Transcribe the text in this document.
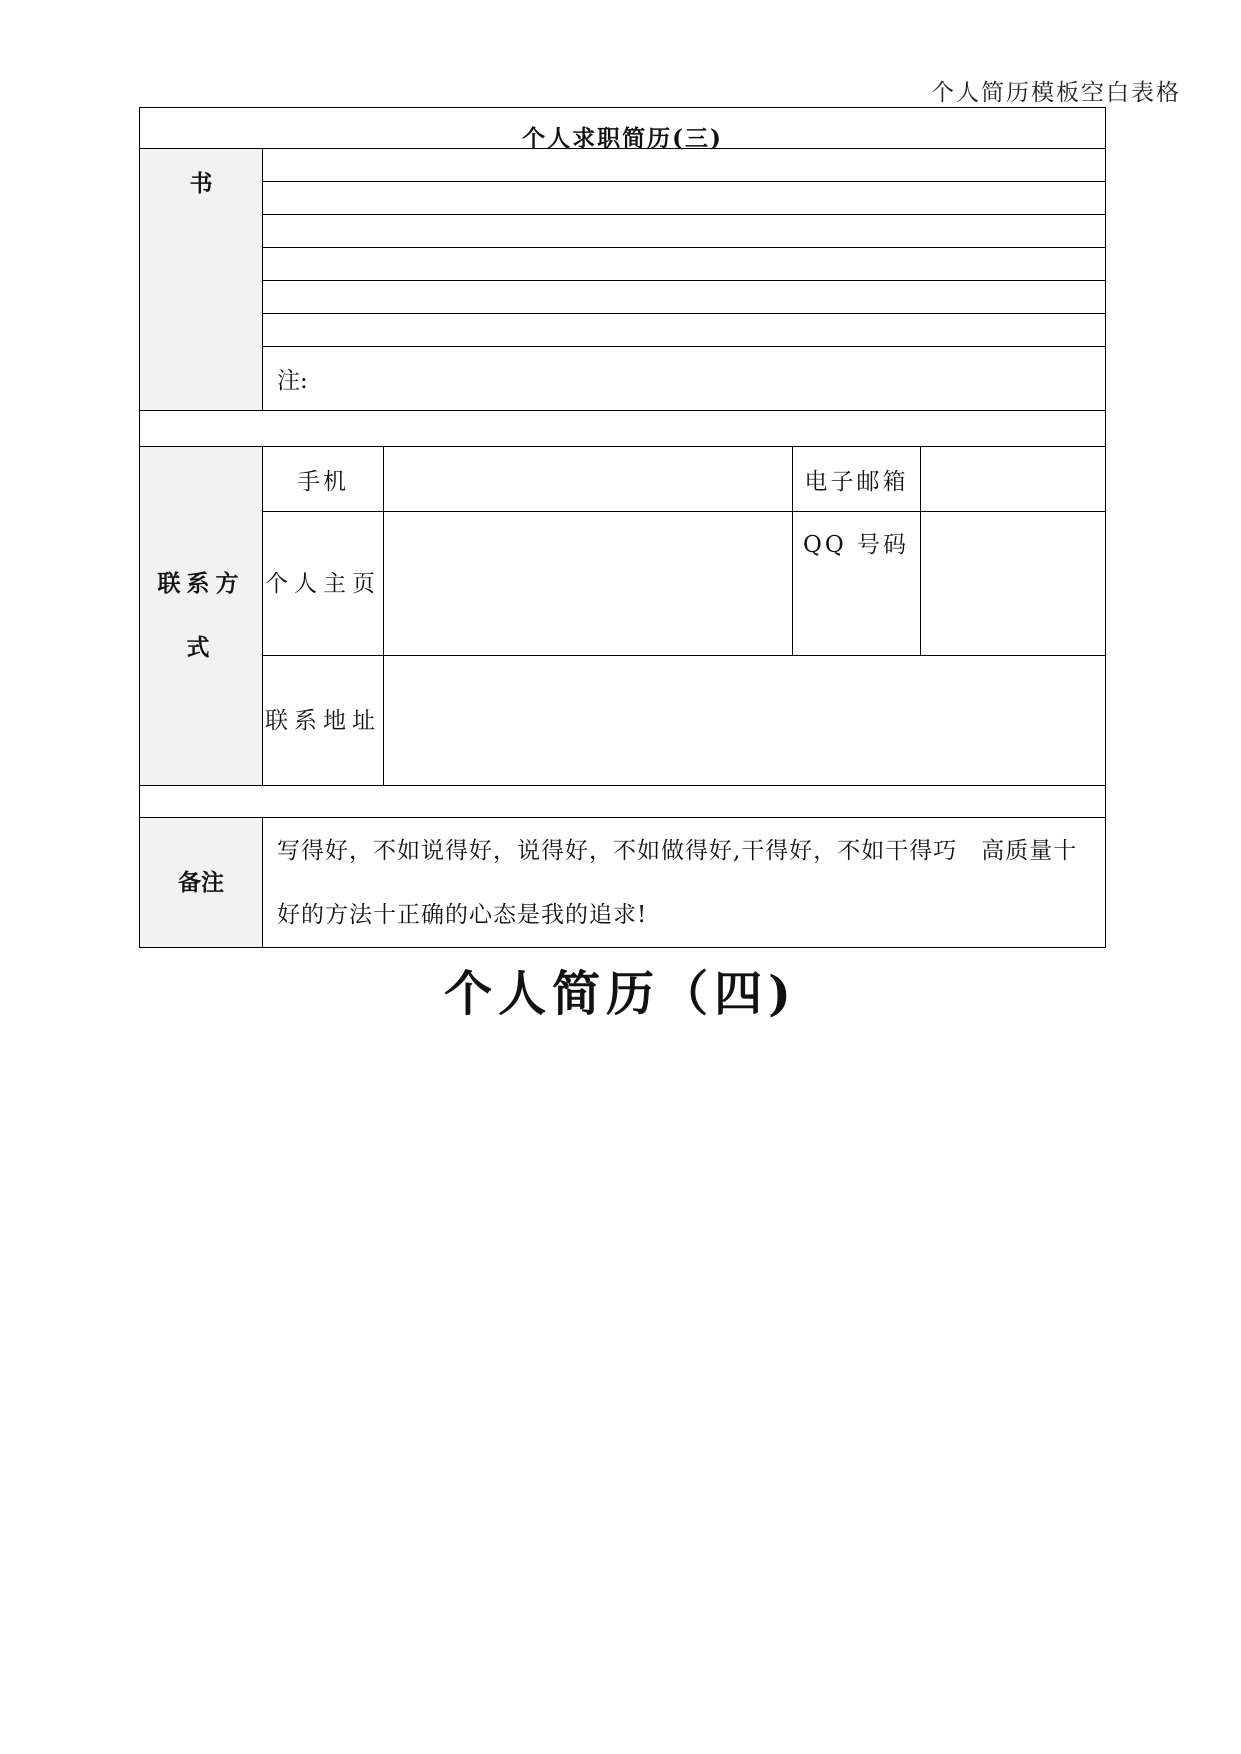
个人简历模板空白表格
个人求职简历(三)				
书				

	注:			

联系方式	手机		电子邮箱	
	个人主页		QQ 号码	
	联系地址			

备注	写得好，不如说得好，说得好，不如做得好,干得好，不如干得巧　高质量十好的方法十正确的心态是我的追求!			
个人简历（四)
